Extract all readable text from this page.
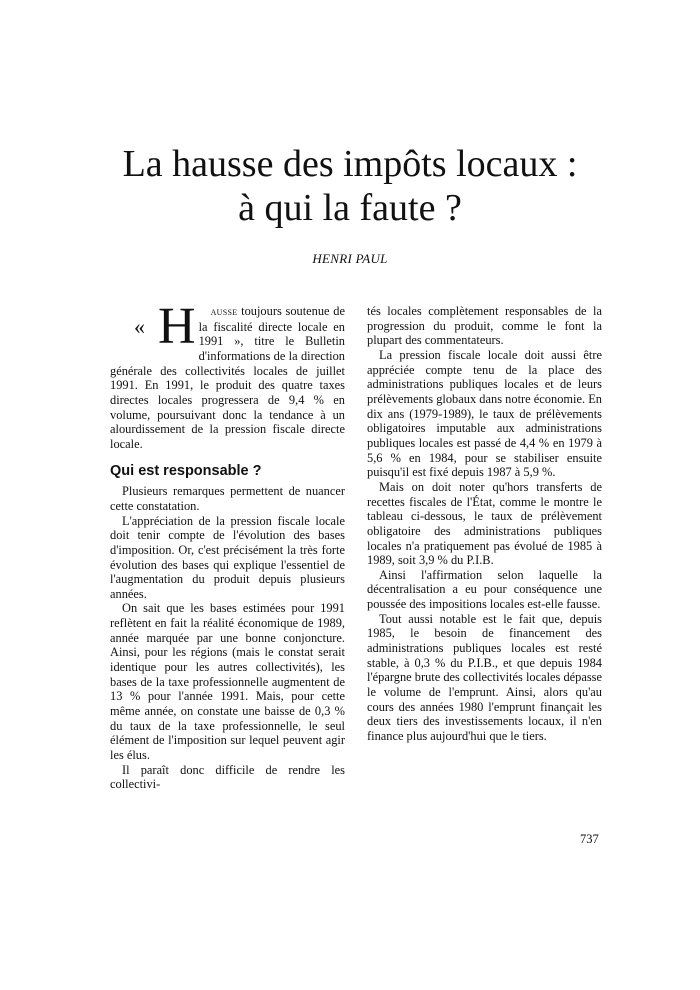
La hausse des impôts locaux :
à qui la faute ?
HENRI PAUL

« H ausse toujours soutenue de la fiscalité directe locale en 1991 », titre le Bulletin d'informations de la direction générale des collectivités locales de juillet 1991. En 1991, le produit des quatre taxes directes locales progressera de 9,4 % en volume, poursuivant donc la tendance à un alourdissement de la pression fiscale directe locale.

Qui est responsable ?

Plusieurs remarques permettent de nuancer cette constatation.

L'appréciation de la pression fiscale locale doit tenir compte de l'évolution des bases d'imposition. Or, c'est précisément la très forte évolution des bases qui explique l'essentiel de l'augmentation du produit depuis plusieurs années.

On sait que les bases estimées pour 1991 reflètent en fait la réalité économique de 1989, année marquée par une bonne conjoncture. Ainsi, pour les régions (mais le constat serait identique pour les autres collectivités), les bases de la taxe professionnelle augmentent de 13 % pour l'année 1991. Mais, pour cette même année, on constate une baisse de 0,3 % du taux de la taxe professionnelle, le seul élément de l'imposition sur lequel peuvent agir les élus.

Il paraît donc difficile de rendre les collectivi-

tés locales complètement responsables de la progression du produit, comme le font la plupart des commentateurs.

La pression fiscale locale doit aussi être appréciée compte tenu de la place des administrations publiques locales et de leurs prélèvements globaux dans notre économie. En dix ans (1979-1989), le taux de prélèvements obligatoires imputable aux administrations publiques locales est passé de 4,4 % en 1979 à 5,6 % en 1984, pour se stabiliser ensuite puisqu'il est fixé depuis 1987 à 5,9 %.

Mais on doit noter qu'hors transferts de recettes fiscales de l'État, comme le montre le tableau ci-dessous, le taux de prélèvement obligatoire des administrations publiques locales n'a pratiquement pas évolué de 1985 à 1989, soit 3,9 % du P.I.B.

Ainsi l'affirmation selon laquelle la décentralisation a eu pour conséquence une poussée des impositions locales est-elle fausse.

Tout aussi notable est le fait que, depuis 1985, le besoin de financement des administrations publiques locales est resté stable, à 0,3 % du P.I.B., et que depuis 1984 l'épargne brute des collectivités locales dépasse le volume de l'emprunt. Ainsi, alors qu'au cours des années 1980 l'emprunt finançait les deux tiers des investissements locaux, il n'en finance plus aujourd'hui que le tiers.

737
